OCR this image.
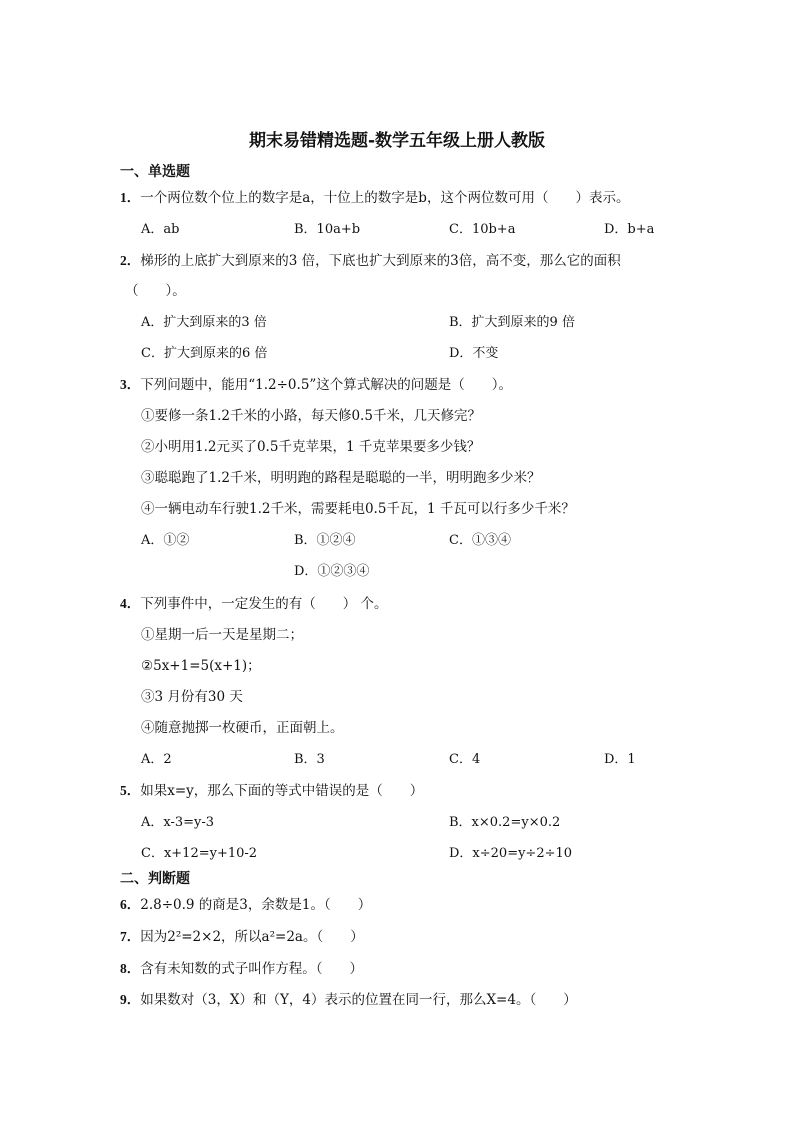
期末易错精选题-数学五年级上册人教版
一、单选题
1．一个两位数个位上的数字是a，十位上的数字是b，这个两位数可用（　　）表示。
A．ab	B．10a+b	C．10b+a	D．b+a
2．梯形的上底扩大到原来的3 倍，下底也扩大到原来的3倍，高不变，那么它的面积
（　　）。
A．扩大到原来的3 倍	B．扩大到原来的9 倍
C．扩大到原来的6 倍	D．不变
3．下列问题中，能用“1.2÷0.5”这个算式解决的问题是（　　）。
①要修一条1.2千米的小路，每天修0.5千米，几天修完？
②小明用1.2元买了0.5千克苹果，1 千克苹果要多少钱？
③聪聪跑了1.2千米，明明跑的路程是聪聪的一半，明明跑多少米？
④一辆电动车行驶1.2千米，需要耗电0.5千瓦，1 千瓦可以行多少千米？
A．①②	B．①②④	C．①③④
D．①②③④
4．下列事件中，一定发生的有（　　） 个。
①星期一后一天是星期二；
②5x+1=5(x+1)；
③3 月份有30 天
④随意抛掷一枚硬币，正面朝上。
A．2	B．3	C．4	D．1
5．如果x=y，那么下面的等式中错误的是（　　）
A．x-3=y-3	B．x×0.2=y×0.2
C．x+12=y+10-2	D．x÷20=y÷2÷10
二、判断题
6．2.8÷0.9 的商是3，余数是1。（　　）
7．因为2²=2×2，所以a²=2a。（　　）
8．含有未知数的式子叫作方程。（　　）
9．如果数对（3，X）和（Y，4）表示的位置在同一行，那么X=4。（　　）
